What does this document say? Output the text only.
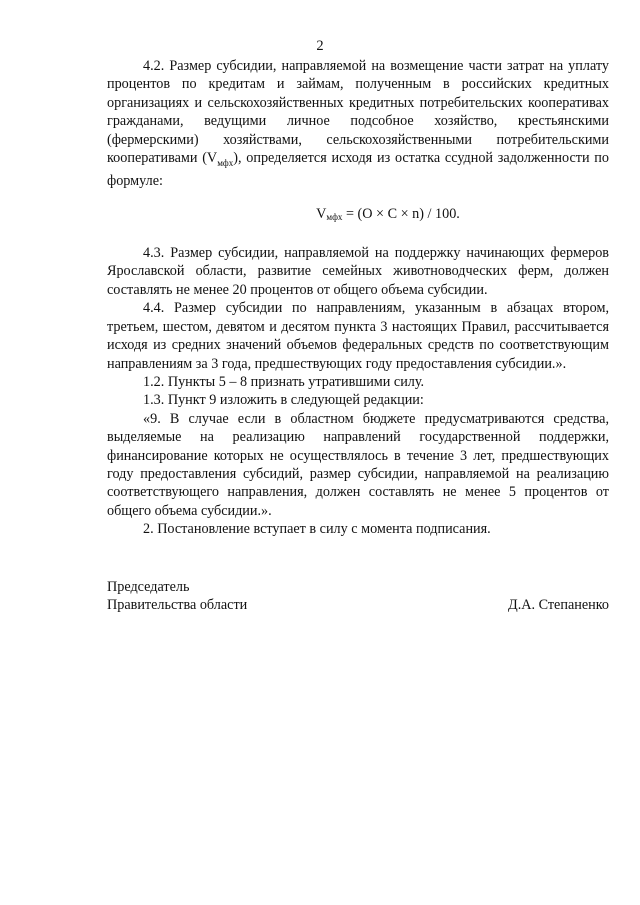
2

4.2. Размер субсидии, направляемой на возмещение части затрат на уплату процентов по кредитам и займам, полученным в российских кредитных организациях и сельскохозяйственных кредитных потребительских кооперативах гражданами, ведущими личное подсобное хозяйство, крестьянскими (фермерскими) хозяйствами, сельскохозяйственными потребительскими кооперативами $(V_{мфх})$, определяется исходя из остатка ссудной задолженности по формуле:

$V_{мфх} = (О \times С \times n) / 100$.

4.3. Размер субсидии, направляемой на поддержку начинающих фермеров Ярославской области, развитие семейных животноводческих ферм, должен составлять не менее 20 процентов от общего объема субсидии.

4.4. Размер субсидии по направлениям, указанным в абзацах втором, третьем, шестом, девятом и десятом пункта 3 настоящих Правил, рассчитывается исходя из средних значений объемов федеральных средств по соответствующим направлениям за 3 года, предшествующих году предоставления субсидии.».

1.2. Пункты 5 – 8 признать утратившими силу.

1.3. Пункт 9 изложить в следующей редакции:

«9. В случае если в областном бюджете предусматриваются средства, выделяемые на реализацию направлений государственной поддержки, финансирование которых не осуществлялось в течение 3 лет, предшествующих году предоставления субсидий, размер субсидии, направляемой на реализацию соответствующего направления, должен составлять не менее 5 процентов от общего объема субсидии.».

2. Постановление вступает в силу с момента подписания.

Председатель
Правительства области	Д.А. Степаненко
